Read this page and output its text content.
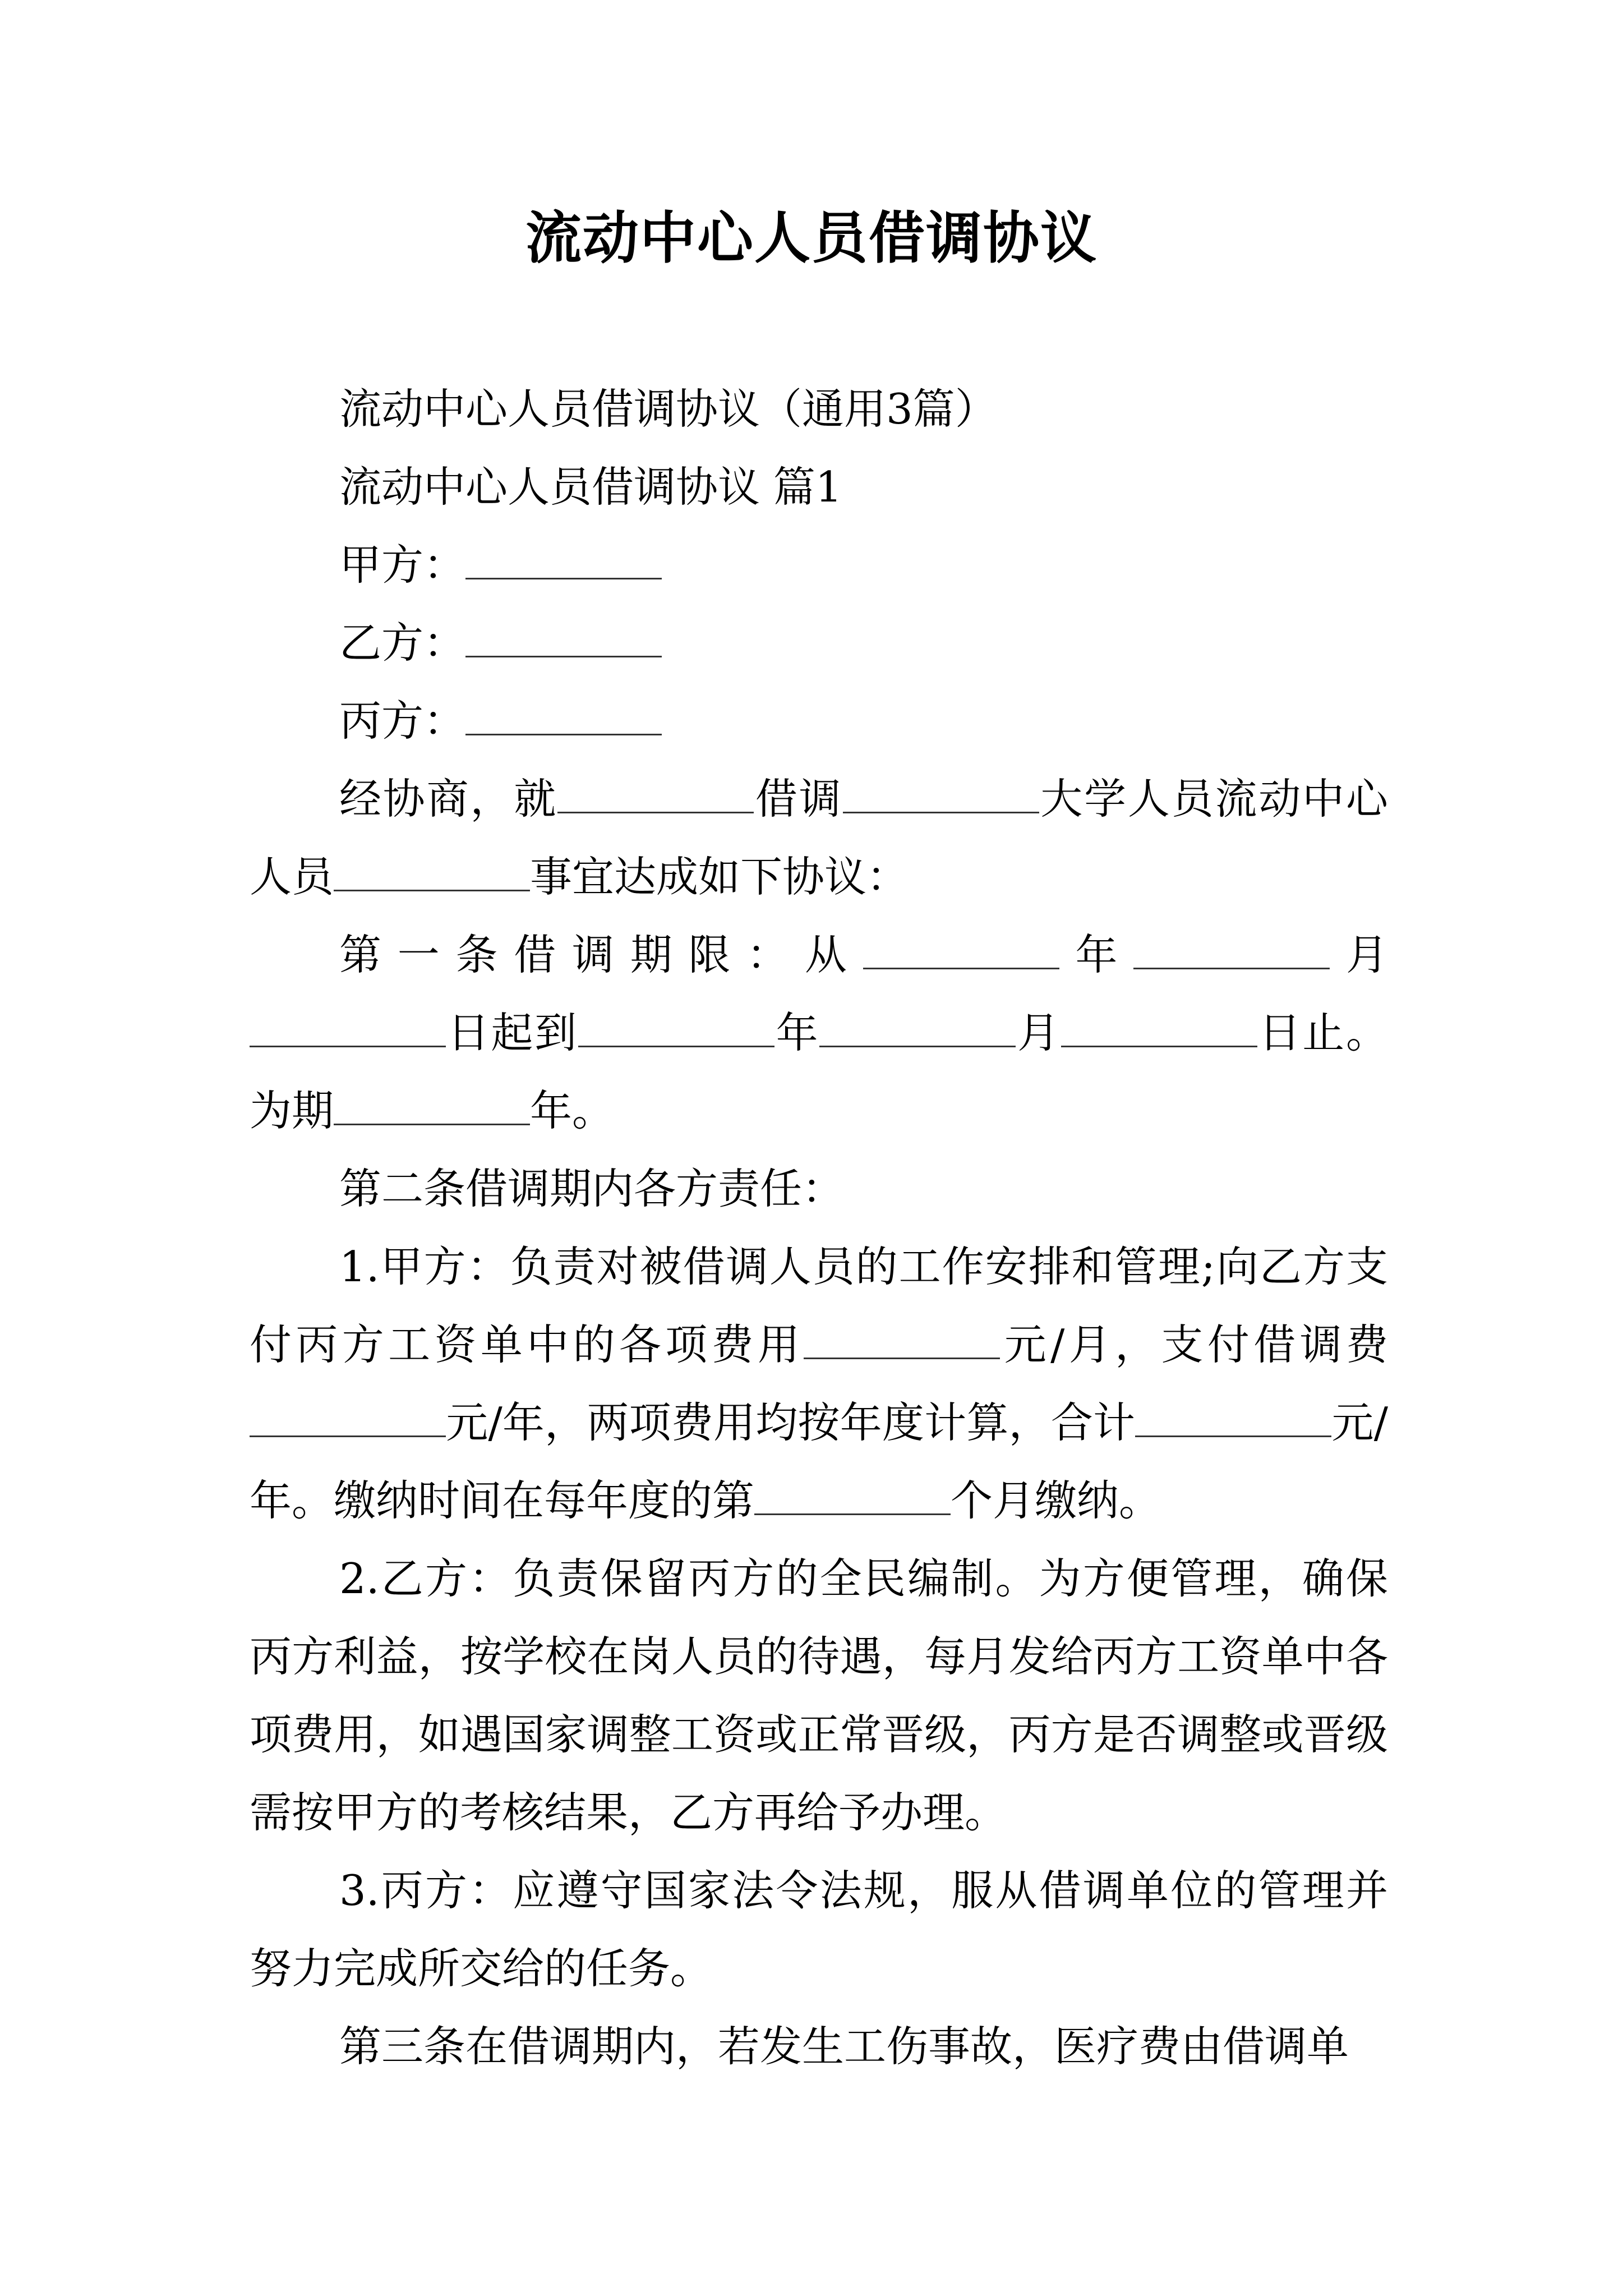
流动中心人员借调协议

流动中心人员借调协议（通用3篇）

流动中心人员借调协议 篇1

甲方：

乙方：

丙方：

经协商，就	借调	大学人员流动中心人员	事宜达成如下协议：

第一条借调期限：从	年	月日起到	年	月	日止。为期	年。

第二条借调期内各方责任：

1.甲方：负责对被借调人员的工作安排和管理;向乙方支付丙方工资单中的各项费用	元/月，支付借调费元/年，两项费用均按年度计算，合计	元/年。缴纳时间在每年度的第	个月缴纳。

2.乙方：负责保留丙方的全民编制。为方便管理，确保丙方利益，按学校在岗人员的待遇，每月发给丙方工资单中各项费用，如遇国家调整工资或正常晋级，丙方是否调整或晋级需按甲方的考核结果，乙方再给予办理。

3.丙方：应遵守国家法令法规，服从借调单位的管理并努力完成所交给的任务。

第三条在借调期内，若发生工伤事故，医疗费由借调单
